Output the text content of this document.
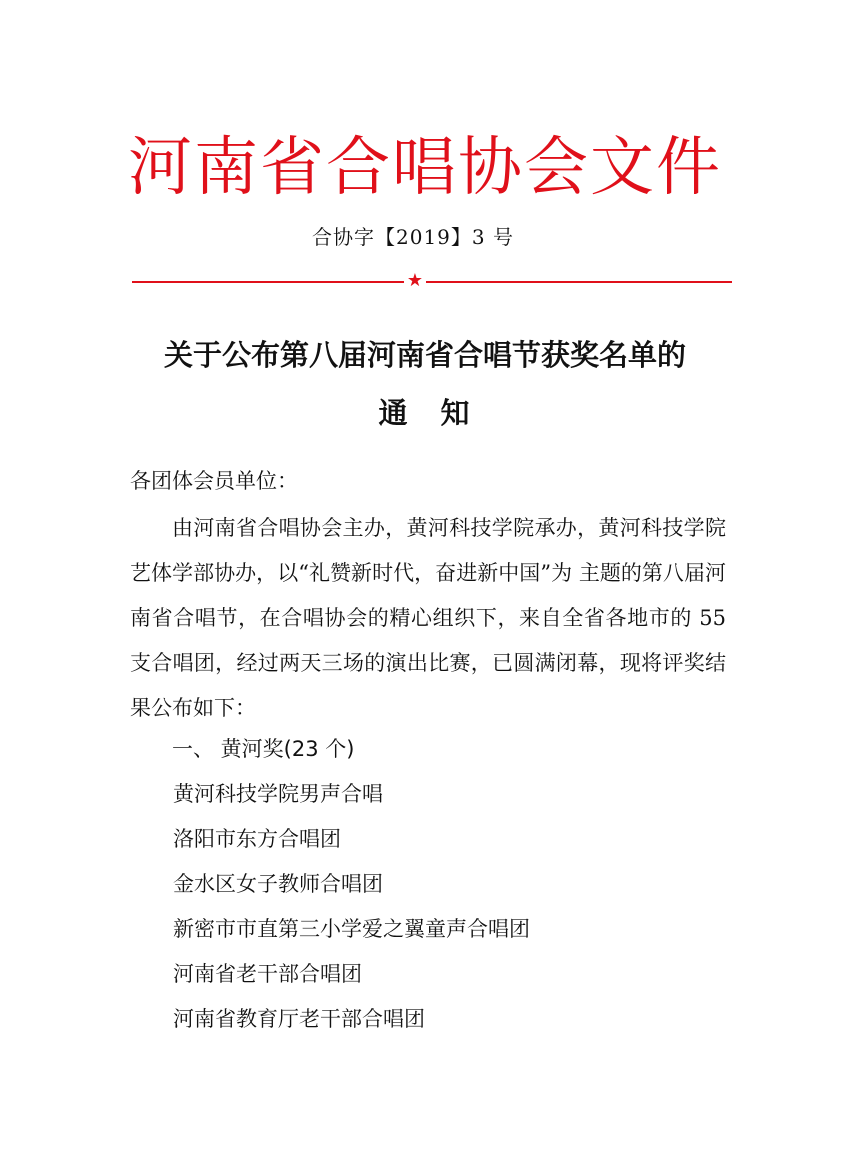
河南省合唱协会文件
合协字【2019】3 号
★
关于公布第八届河南省合唱节获奖名单的
通　知
各团体会员单位：
由河南省合唱协会主办，黄河科技学院承办，黄河科技学院艺体学部协办，以“礼赞新时代，奋进新中国”为 主题的第八届河南省合唱节，在合唱协会的精心组织下，来自全省各地市的 55 支合唱团，经过两天三场的演出比赛，已圆满闭幕，现将评奖结果公布如下：
一、 黄河奖(23 个)
黄河科技学院男声合唱
洛阳市东方合唱团
金水区女子教师合唱团
新密市市直第三小学爱之翼童声合唱团
河南省老干部合唱团
河南省教育厅老干部合唱团
